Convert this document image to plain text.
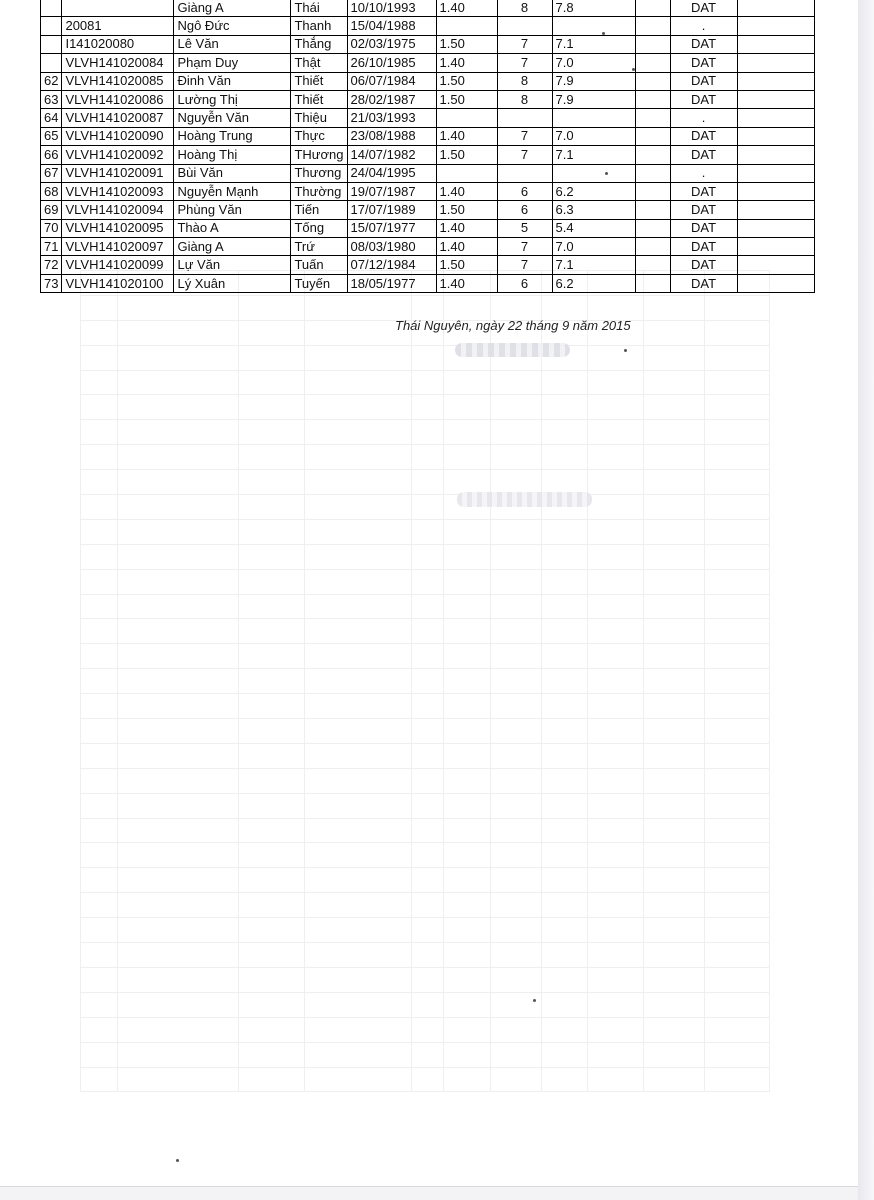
		Giàng A	Thái	10/10/1993	1.40	8	7.8		DAT	
	20081	Ngô Đức	Thanh	15/04/1988					.	
	I141020080	Lê Văn	Thắng	02/03/1975	1.50	7	7.1		DAT	
	VLVH141020084	Phạm Duy	Thật	26/10/1985	1.40	7	7.0		DAT	
62	VLVH141020085	Đinh Văn	Thiết	06/07/1984	1.50	8	7.9		DAT	
63	VLVH141020086	Lường Thị	Thiết	28/02/1987	1.50	8	7.9		DAT	
64	VLVH141020087	Nguyễn Văn	Thiệu	21/03/1993					.	
65	VLVH141020090	Hoàng Trung	Thực	23/08/1988	1.40	7	7.0		DAT	
66	VLVH141020092	Hoàng Thị	THương	14/07/1982	1.50	7	7.1		DAT	
67	VLVH141020091	Bùi Văn	Thương	24/04/1995					.	
68	VLVH141020093	Nguyễn Mạnh	Thường	19/07/1987	1.40	6	6.2		DAT	
69	VLVH141020094	Phùng Văn	Tiến	17/07/1989	1.50	6	6.3		DAT	
70	VLVH141020095	Thào A	Tống	15/07/1977	1.40	5	5.4		DAT	
71	VLVH141020097	Giàng A	Trứ	08/03/1980	1.40	7	7.0		DAT	
72	VLVH141020099	Lự Văn	Tuấn	07/12/1984	1.50	7	7.1		DAT	
73	VLVH141020100	Lý Xuân	Tuyến	18/05/1977	1.40	6	6.2		DAT	
Thái Nguyên, ngày 22 tháng 9 năm 2015
